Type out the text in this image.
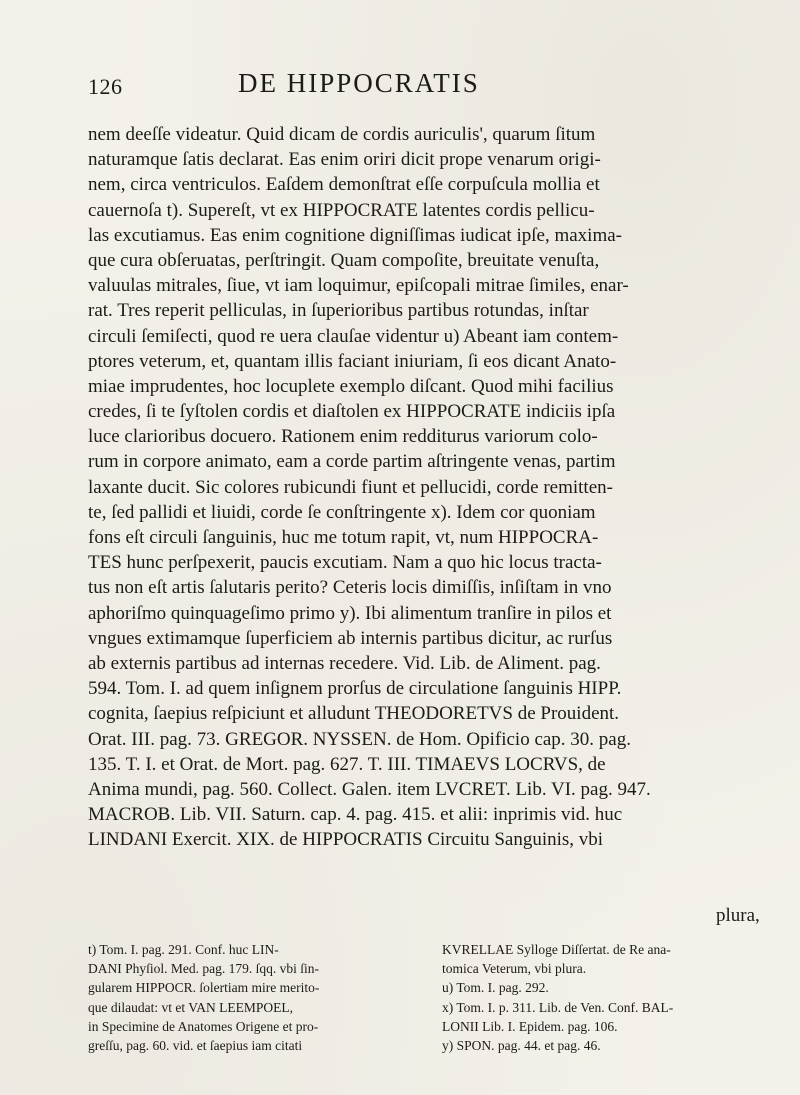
126	DE HIPPOCRATIS
nem deeſſe videatur. Quid dicam de cordis auriculis', quarum ſitum
naturamque ſatis declarat. Eas enim oriri dicit prope venarum origi-
nem, circa ventriculos. Eaſdem demonſtrat eſſe corpuſcula mollia et
cauernoſa t). Supereſt, vt ex HIPPOCRATE latentes cordis pellicu-
las excutiamus. Eas enim cognitione digniſſimas iudicat ipſe, maxima-
que cura obſeruatas, perſtringit. Quam compoſite, breuitate venuſta,
valuulas mitrales, ſiue, vt iam loquimur, epiſcopali mitrae ſimiles, enar-
rat. Tres reperit pelliculas, in ſuperioribus partibus rotundas, inſtar
circuli ſemiſecti, quod re uera clauſae videntur u) Abeant iam contem-
ptores veterum, et, quantam illis faciant iniuriam, ſi eos dicant Anato-
miae imprudentes, hoc locuplete exemplo diſcant. Quod mihi facilius
credes, ſi te ſyſtolen cordis et diaſtolen ex HIPPOCRATE indiciis ipſa
luce clarioribus docuero. Rationem enim redditurus variorum colo-
rum in corpore animato, eam a corde partim aſtringente venas, partim
laxante ducit. Sic colores rubicundi fiunt et pellucidi, corde remitten-
te, ſed pallidi et liuidi, corde ſe conſtringente x). Idem cor quoniam
fons eſt circuli ſanguinis, huc me totum rapit, vt, num HIPPOCRA-
TES hunc perſpexerit, paucis excutiam. Nam a quo hic locus tracta-
tus non eſt artis ſalutaris perito? Ceteris locis dimiſſis, inſiſtam in vno
aphoriſmo quinquageſimo primo y). Ibi alimentum tranſire in pilos et
vngues extimamque ſuperficiem ab internis partibus dicitur, ac rurſus
ab externis partibus ad internas recedere. Vid. Lib. de Aliment. pag.
594. Tom. I. ad quem inſignem prorſus de circulatione ſanguinis HIPP.
cognita, ſaepius reſpiciunt et alludunt THEODORETVS de Prouident.
Orat. III. pag. 73. GREGOR. NYSSEN. de Hom. Opificio cap. 30. pag.
135. T. I. et Orat. de Mort. pag. 627. T. III. TIMAEVS LOCRVS, de
Anima mundi, pag. 560. Collect. Galen. item LVCRET. Lib. VI. pag. 947.
MACROB. Lib. VII. Saturn. cap. 4. pag. 415. et alii: inprimis vid. huc
LINDANI Exercit. XIX. de HIPPOCRATIS Circuitu Sanguinis, vbi
plura,
t) Tom. I. pag. 291. Conf. huc LIN-
DANI Phyſiol. Med. pag. 179. ſqq. vbi ſin-
gularem HIPPOCR. ſolertiam mire merito-
que dilaudat: vt et VAN LEEMPOEL,
in Specimine de Anatomes Origene et pro-
greſſu, pag. 60. vid. et ſaepius iam citati
KVRELLAE Sylloge Diſſertat. de Re ana-
tomica Veterum, vbi plura.
u) Tom. I. pag. 292.
x) Tom. I. p. 311. Lib. de Ven. Conf. BAL-
LONII Lib. I. Epidem. pag. 106.
y) SPON. pag. 44. et pag. 46.
